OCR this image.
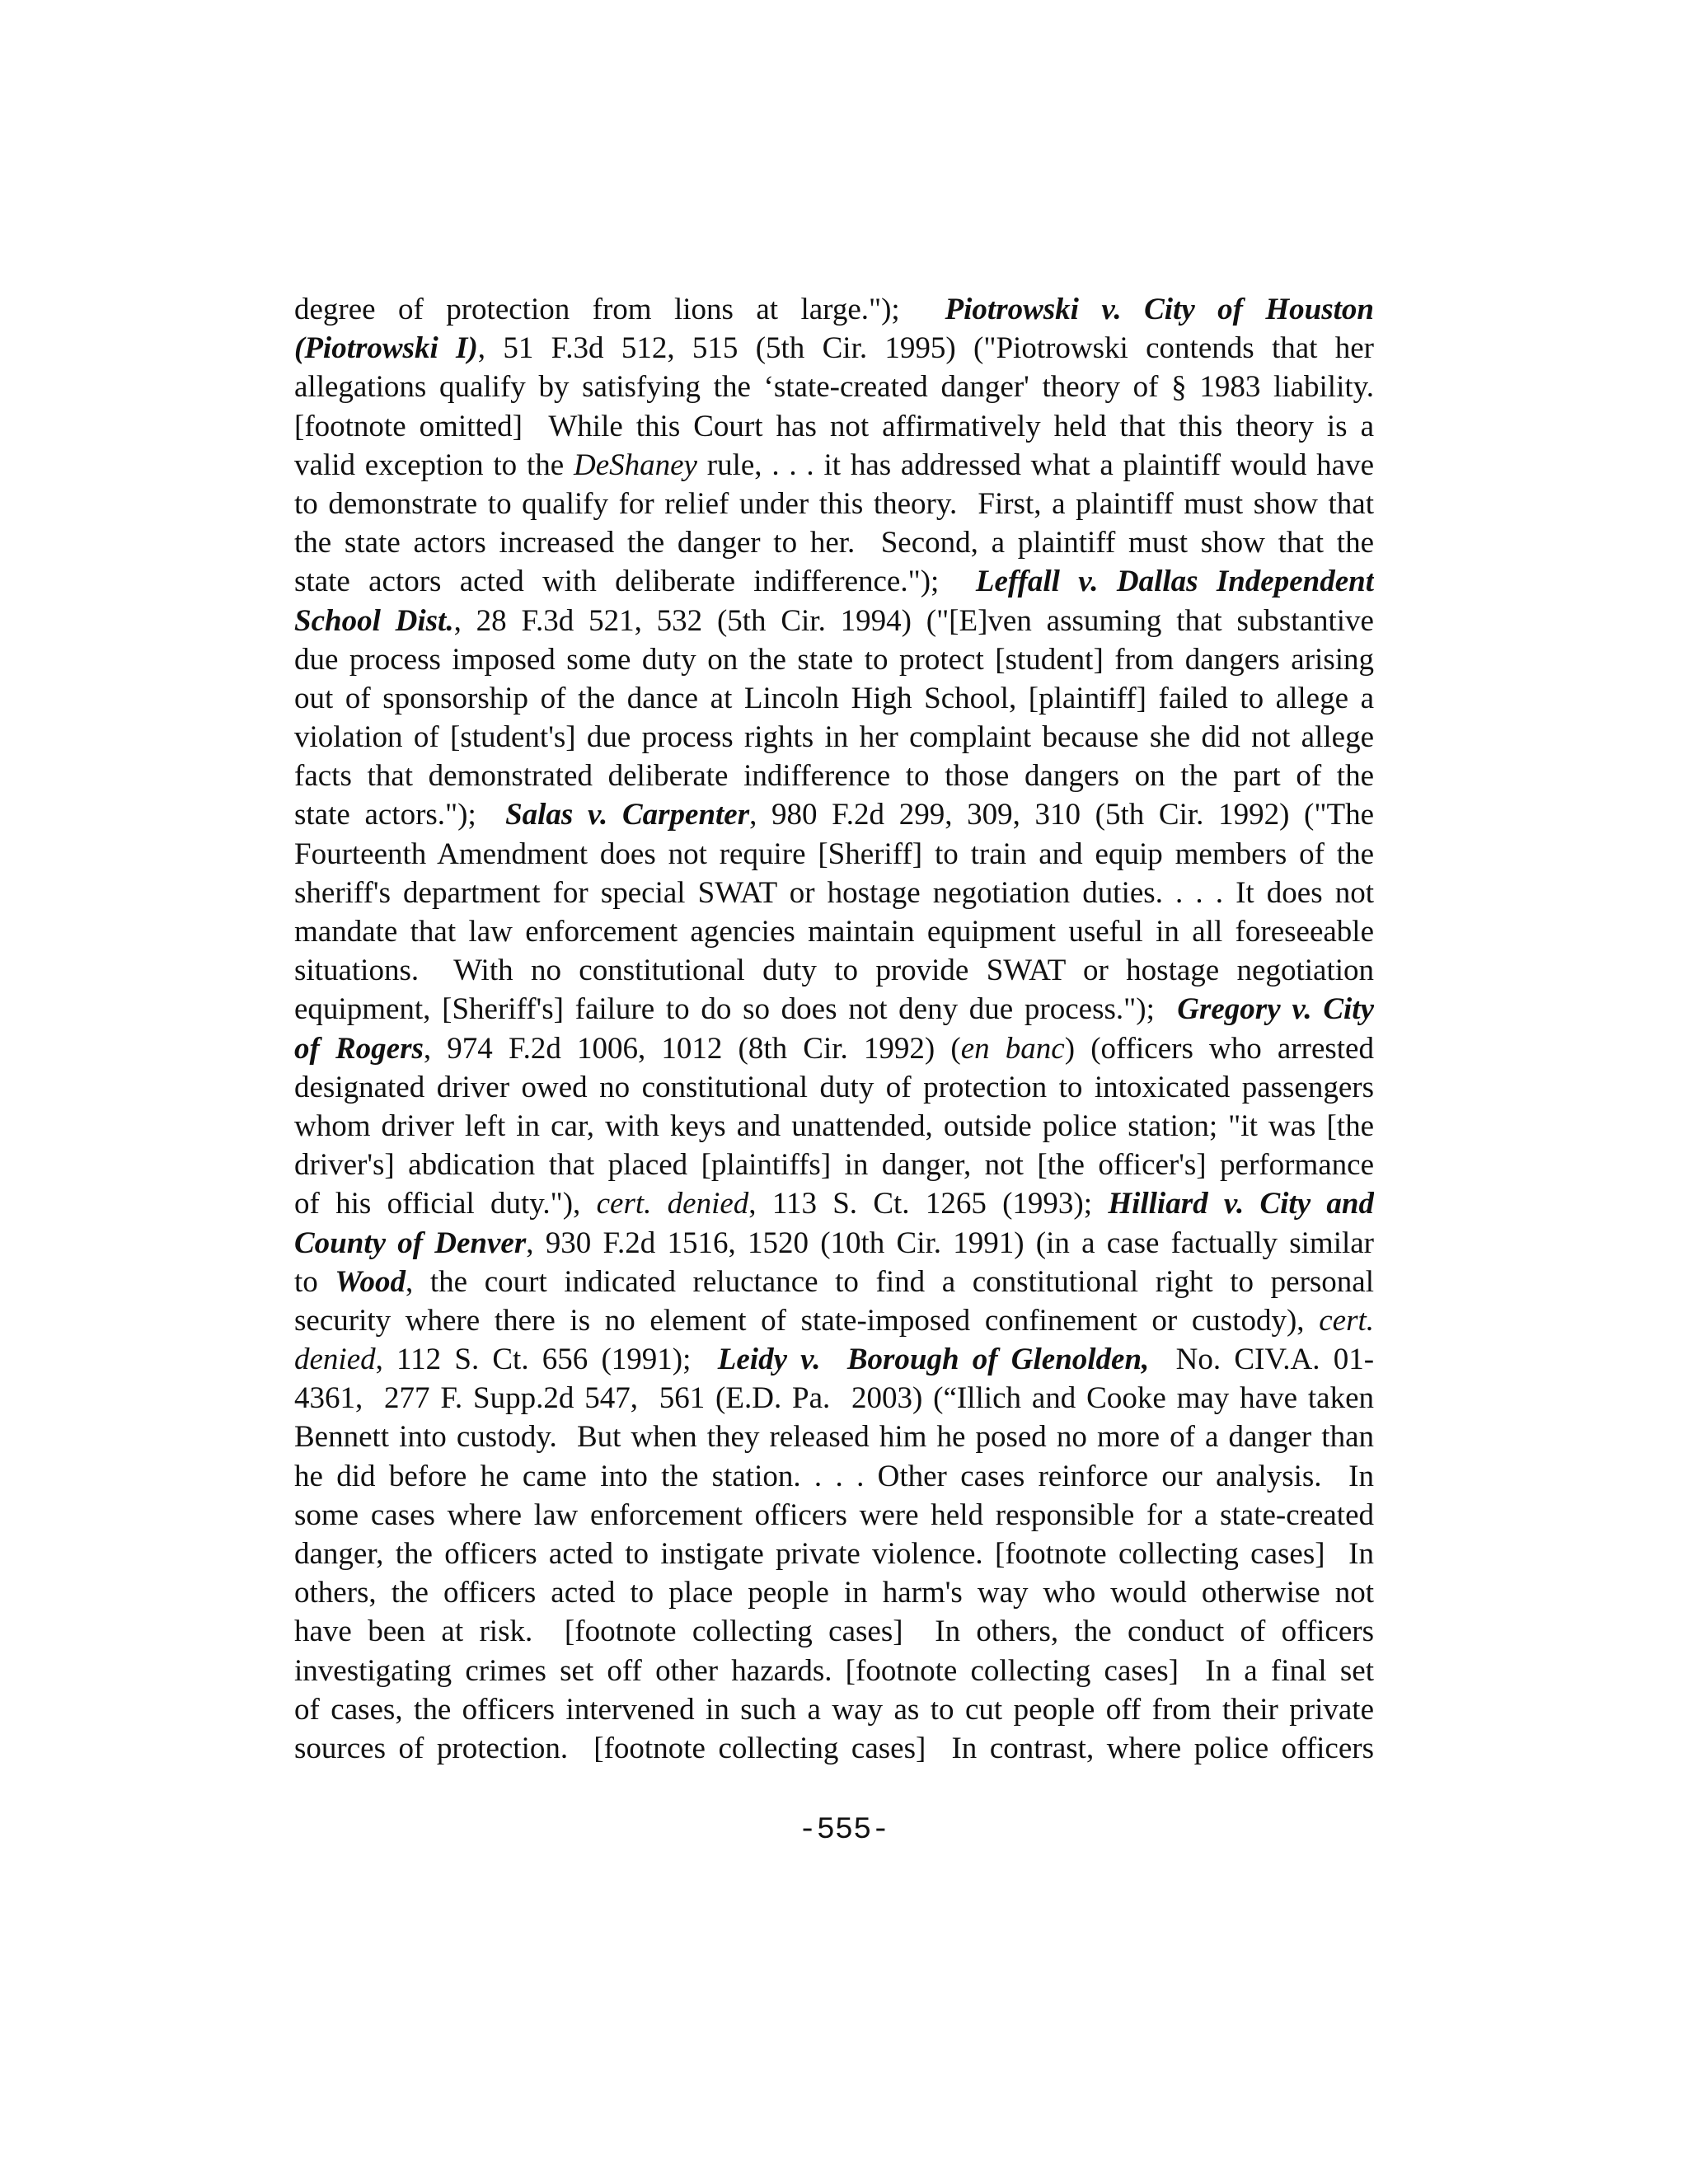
degree of protection from lions at large.");  Piotrowski v. City of Houston
(Piotrowski I), 51 F.3d 512, 515 (5th Cir. 1995) ("Piotrowski contends that her
allegations qualify by satisfying the ‘state-created danger' theory of § 1983 liability.
[footnote omitted]  While this Court has not affirmatively held that this theory is a
valid exception to the DeShaney rule, . . . it has addressed what a plaintiff would have
to demonstrate to qualify for relief under this theory.  First, a plaintiff must show that
the state actors increased the danger to her.  Second, a plaintiff must show that the
state actors acted with deliberate indifference.");  Leffall v. Dallas Independent
School Dist., 28 F.3d 521, 532 (5th Cir. 1994) ("[E]ven assuming that substantive
due process imposed some duty on the state to protect [student] from dangers arising
out of sponsorship of the dance at Lincoln High School, [plaintiff] failed to allege a
violation of [student's] due process rights in her complaint because she did not allege
facts that demonstrated deliberate indifference to those dangers on the part of the
state actors.");  Salas v. Carpenter, 980 F.2d 299, 309, 310 (5th Cir. 1992) ("The
Fourteenth Amendment does not require [Sheriff] to train and equip members of the
sheriff's department for special SWAT or hostage negotiation duties. . . . It does not
mandate that law enforcement agencies maintain equipment useful in all foreseeable
situations.  With no constitutional duty to provide SWAT or hostage negotiation
equipment, [Sheriff's] failure to do so does not deny due process.");  Gregory v. City
of Rogers, 974 F.2d 1006, 1012 (8th Cir. 1992) (en banc) (officers who arrested
designated driver owed no constitutional duty of protection to intoxicated passengers
whom driver left in car, with keys and unattended, outside police station; "it was [the
driver's] abdication that placed [plaintiffs] in danger, not [the officer's] performance
of his official duty."), cert. denied, 113 S. Ct. 1265 (1993); Hilliard v. City and
County of Denver, 930 F.2d 1516, 1520 (10th Cir. 1991) (in a case factually similar
to Wood, the court indicated reluctance to find a constitutional right to personal
security where there is no element of state-imposed confinement or custody), cert.
denied, 112 S. Ct. 656 (1991);  Leidy v.  Borough of Glenolden,  No. CIV.A. 01-
4361,  277 F. Supp.2d 547,  561 (E.D. Pa.  2003) (“Illich and Cooke may have taken
Bennett into custody.  But when they released him he posed no more of a danger than
he did before he came into the station. . . . Other cases reinforce our analysis.  In
some cases where law enforcement officers were held responsible for a state-created
danger, the officers acted to instigate private violence. [footnote collecting cases]  In
others, the officers acted to place people in harm's way who would otherwise not
have been at risk.  [footnote collecting cases]  In others, the conduct of officers
investigating crimes set off other hazards. [footnote collecting cases]  In a final set
of cases, the officers intervened in such a way as to cut people off from their private
sources of protection.  [footnote collecting cases]  In contrast, where police officers
-555-
